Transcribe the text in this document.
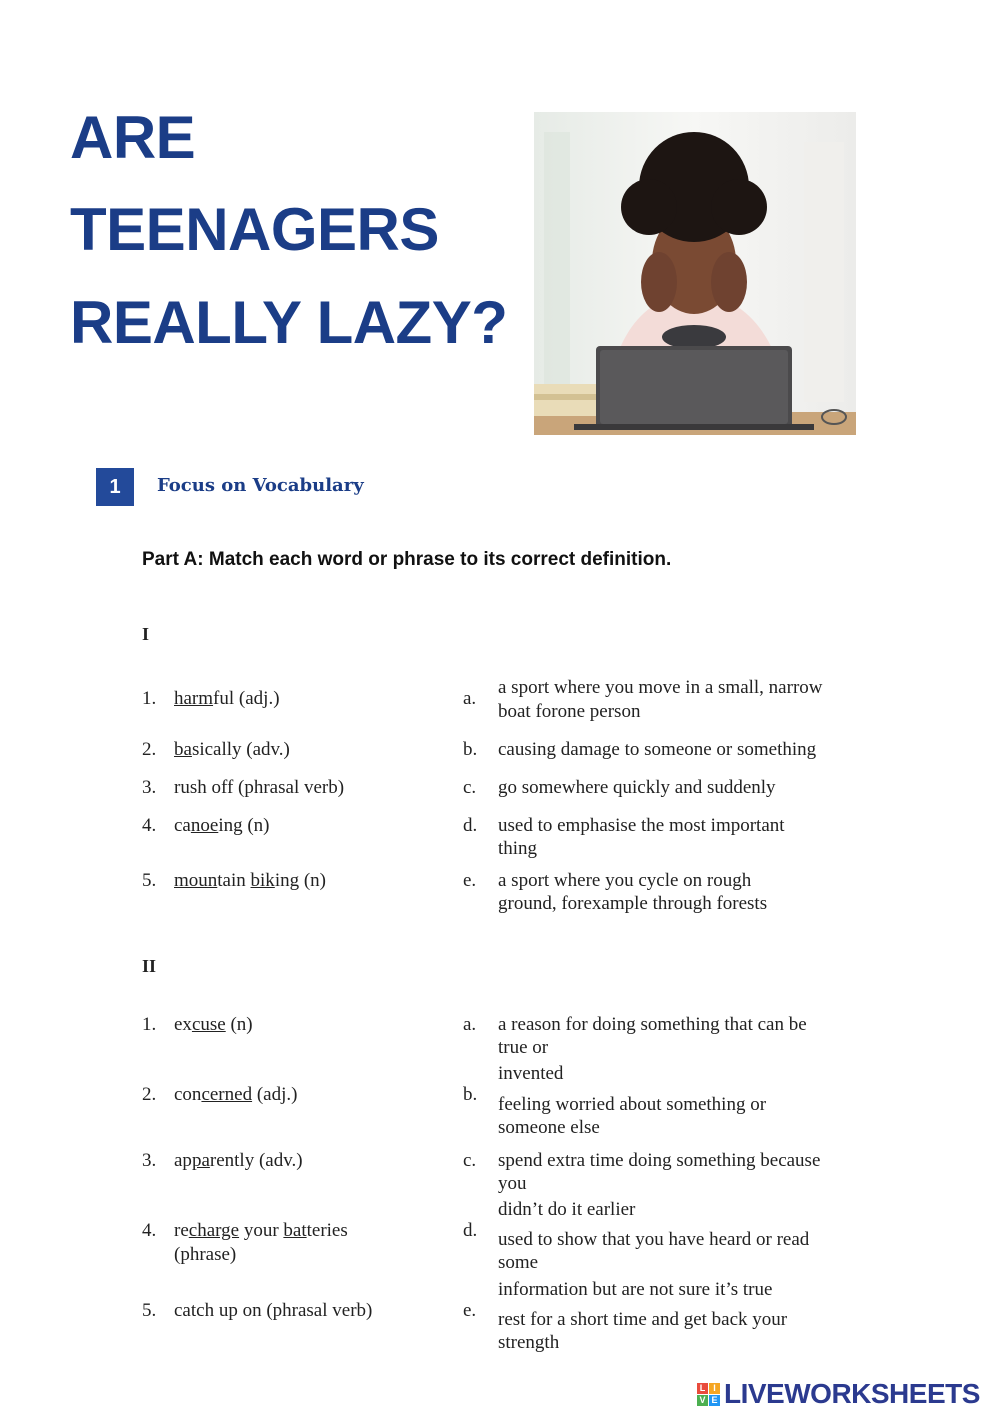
ARE
TEENAGERS
REALLY LAZY?
1	Focus on Vocabulary
Part A: Match each word or phrase to its correct definition.
I
1. harmful (adj.)	a.
a sport where you move in a small, narrow
boat forone person
2. basically (adv.)	b. causing damage to someone or something
3. rush off (phrasal verb)	c. go somewhere quickly and suddenly
4. canoeing (n)	d. used to emphasise the most important
thing
5. mountain biking (n)	e. a sport where you cycle on rough
ground, forexample through forests
II
1. excuse (n)	a. a reason for doing something that can be
true or
invented
2. concerned (adj.)	b. feeling worried about something or
someone else
3. apparently (adv.)	c. spend extra time doing something because
you
didn’t do it earlier
4. recharge your batteries
(phrase)
d. used to show that you have heard or read
some
information but are not sure it’s true
5. catch up on (phrasal verb)	e. rest for a short time and get back your
strength
L I
V E LIVEWORKSHEETS
